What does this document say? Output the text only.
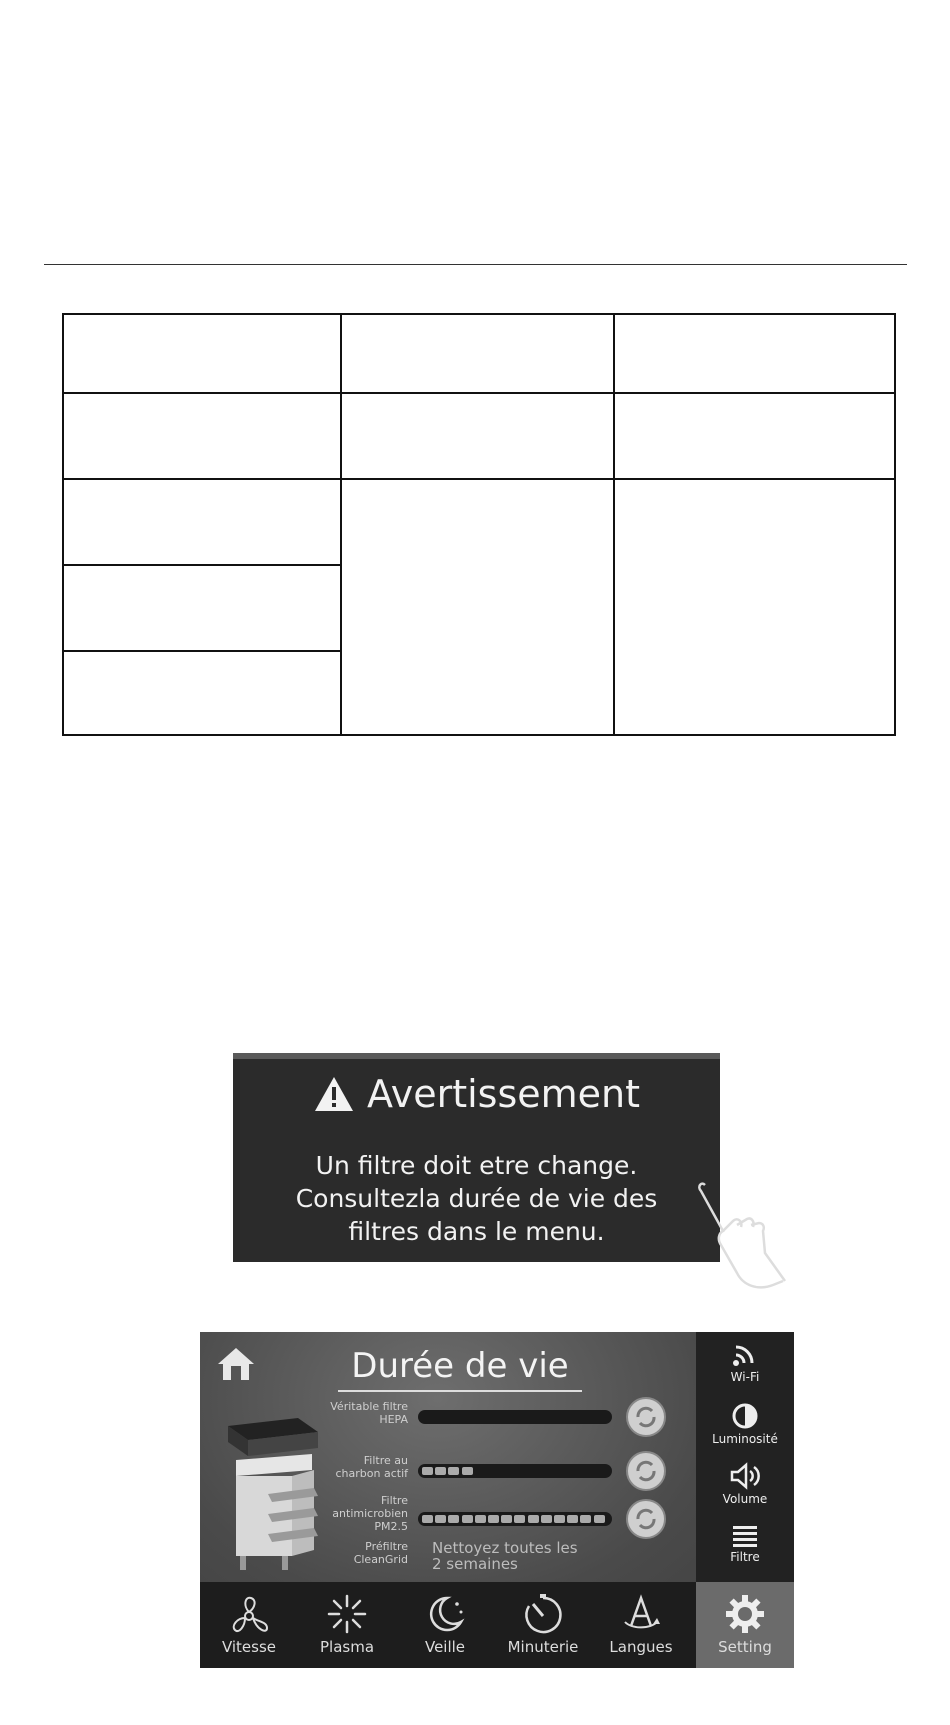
Avertissement
Un filtre doit etre change.
Consultezla durée de vie des
filtres dans le menu.
Durée de vie
Véritable filtre
HEPA
Filtre au
charbon actif
Filtre
antimicrobien PM2.5
Préfiltre CleanGrid
Nettoyez toutes les
2 semaines
Wi-Fi
Luminosité
Volume
Filtre
Vitesse	Plasma	Veille	Minuterie	Langues	Setting
